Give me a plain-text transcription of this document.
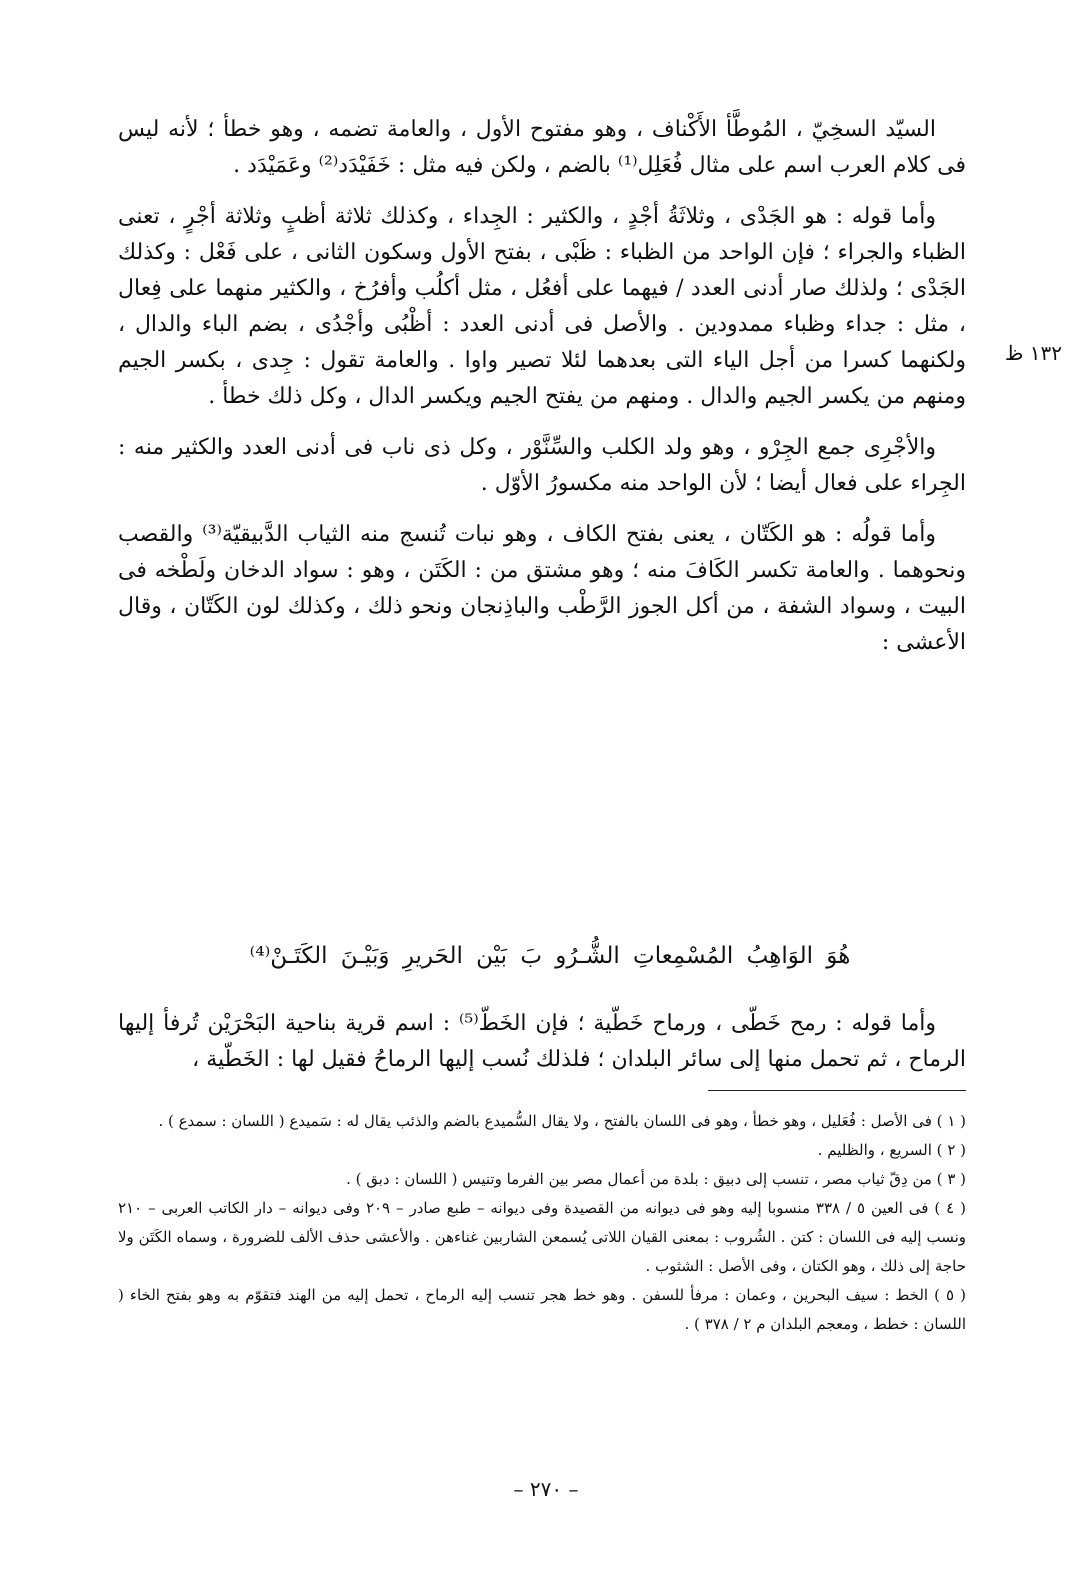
١٣٢ ظ

السيّد السخِيّ ، المُوطَّأ الأَكْناف ، وهو مفتوح الأول ، والعامة تضمه ، وهو خطأ ؛ لأنه ليس فى كلام العرب اسم على مثال فُعَلِل⁽¹⁾ بالضم ، ولكن فيه مثل : خَفَيْدَد⁽²⁾ وعَمَيْدَد .

وأما قوله : هو الجَدْى ، وثلاثَةُ أجْدٍ ، والكثير : الجِداء ، وكذلك ثلاثة أظبٍ وثلاثة أجْرٍ ، تعنى الظباء والجراء ؛ فإن الواحد من الظباء : ظَبْى ، بفتح الأول وسكون الثانى ، على فَعْل : وكذلك الجَدْى ؛ ولذلك صار أدنى العدد / فيهما على أفعُل ، مثل أكلُب وأفرُخ ، والكثير منهما على فِعال ، مثل : جداء وظباء ممدودين . والأصل فى أدنى العدد : أظْبُى وأجْدُى ، بضم الباء والدال ، ولكنهما كسرا من أجل الياء التى بعدهما لئلا تصير واوا . والعامة تقول : جِدى ، بكسر الجيم ومنهم من يكسر الجيم والدال . ومنهم من يفتح الجيم ويكسر الدال ، وكل ذلك خطأ .

والأجْرِى جمع الجِرْو ، وهو ولد الكلب والسِّنَّوْر ، وكل ذى ناب فى أدنى العدد والكثير منه : الجِراء على فعال أيضا ؛ لأن الواحد منه مكسورُ الأوّل .

وأما قولُه : هو الكَتّان ، يعنى بفتح الكاف ، وهو نبات تُنسج منه الثياب الدَّبيقيّة⁽³⁾ والقصب ونحوهما . والعامة تكسر الكَافَ منه ؛ وهو مشتق من : الكَتَن ، وهو : سواد الدخان ولَطْخه فى البيت ، وسواد الشفة ، من أكل الجوز الرَّطْب والباذِنجان ونحو ذلك ، وكذلك لون الكَتّان ، وقال الأعشى :

هُوَ الوَاهِبُ المُسْمِعاتِ الشُّـرُو بَ بَيْن الحَريرِ وَبَيْـنَ الكَتَـنْ⁽⁴⁾

وأما قوله : رمح خَطّى ، ورماح خَطّية ؛ فإن الخَطّ⁽⁵⁾ : اسم قرية بناحية البَحْرَيْن تُرفأ إليها الرماح ، ثم تحمل منها إلى سائر البلدان ؛ فلذلك نُسب إليها الرماحُ فقيل لها : الخَطّية ،

( ١ ) فى الأصل : فُعَليل ، وهو خطأ ، وهو فى اللسان بالفتح ، ولا يقال السُّميدع بالضم والذئب يقال له : سَميدع ( اللسان : سمدع ) .

( ٢ ) السريع ، والظليم .

( ٣ ) من دِقّ ثياب مصر ، تنسب إلى دبيق : بلدة من أعمال مصر بين الفرما وتنيس ( اللسان : دبق ) .

( ٤ ) فى العين ٥ / ٣٣٨ منسوبا إليه وهو فى ديوانه من القصيدة وفى ديوانه – طبع صادر – ٢٠٩ وفى ديوانه – دار الكاتب العربى – ٢١٠ ونسب إليه فى اللسان : كتن . الشُروب : بمعنى القيان اللاتى يُسمعن الشاربين غناءهن . والأعشى حذف الألف للضرورة ، وسماه الكَتَن ولا حاجة إلى ذلك ، وهو الكتان ، وفى الأصل : الشثوب .

( ٥ ) الخط : سيف البحرين ، وعمان : مرفأ للسفن . وهو خط هجر تنسب إليه الرماح ، تحمل إليه من الهند فتقوّم به وهو بفتح الخاء ( اللسان : خطط ، ومعجم البلدان م ٢ / ٣٧٨ ) .

– ٢٧٠ –
